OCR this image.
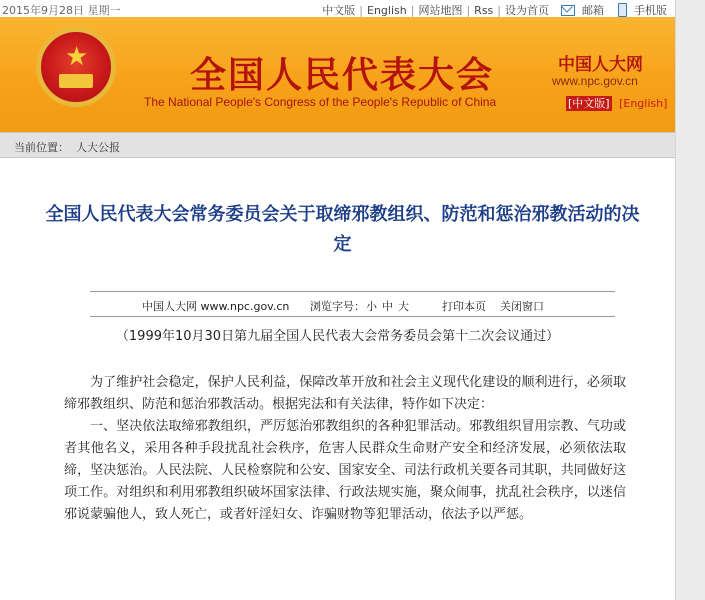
2015年9月28日 星期一	中文版 | English | 网站地图 | Rss | 设为首页	邮箱	手机版
★	全国人民代表大会
The National People's Congress of the People's Republic of China
中国人大网
www.npc.gov.cn
[中文版] [English]
当前位置： 人大公报
全国人民代表大会常务委员会关于取缔邪教组织、防范和惩治邪教活动的决定
中国人大网 www.npc.gov.cn 浏览字号： 小 中 大	打印本页 关闭窗口
（1999年10月30日第九届全国人民代表大会常务委员会第十二次会议通过）

为了维护社会稳定，保护人民利益，保障改革开放和社会主义现代化建设的顺利进行，必须取缔邪教组织、防范和惩治邪教活动。根据宪法和有关法律，特作如下决定：

一、坚决依法取缔邪教组织，严厉惩治邪教组织的各种犯罪活动。邪教组织冒用宗教、气功或者其他名义，采用各种手段扰乱社会秩序，危害人民群众生命财产安全和经济发展，必须依法取缔，坚决惩治。人民法院、人民检察院和公安、国家安全、司法行政机关要各司其职，共同做好这项工作。对组织和利用邪教组织破坏国家法律、行政法规实施，聚众闹事，扰乱社会秩序，以迷信邪说蒙骗他人，致人死亡，或者奸淫妇女、诈骗财物等犯罪活动，依法予以严惩。
